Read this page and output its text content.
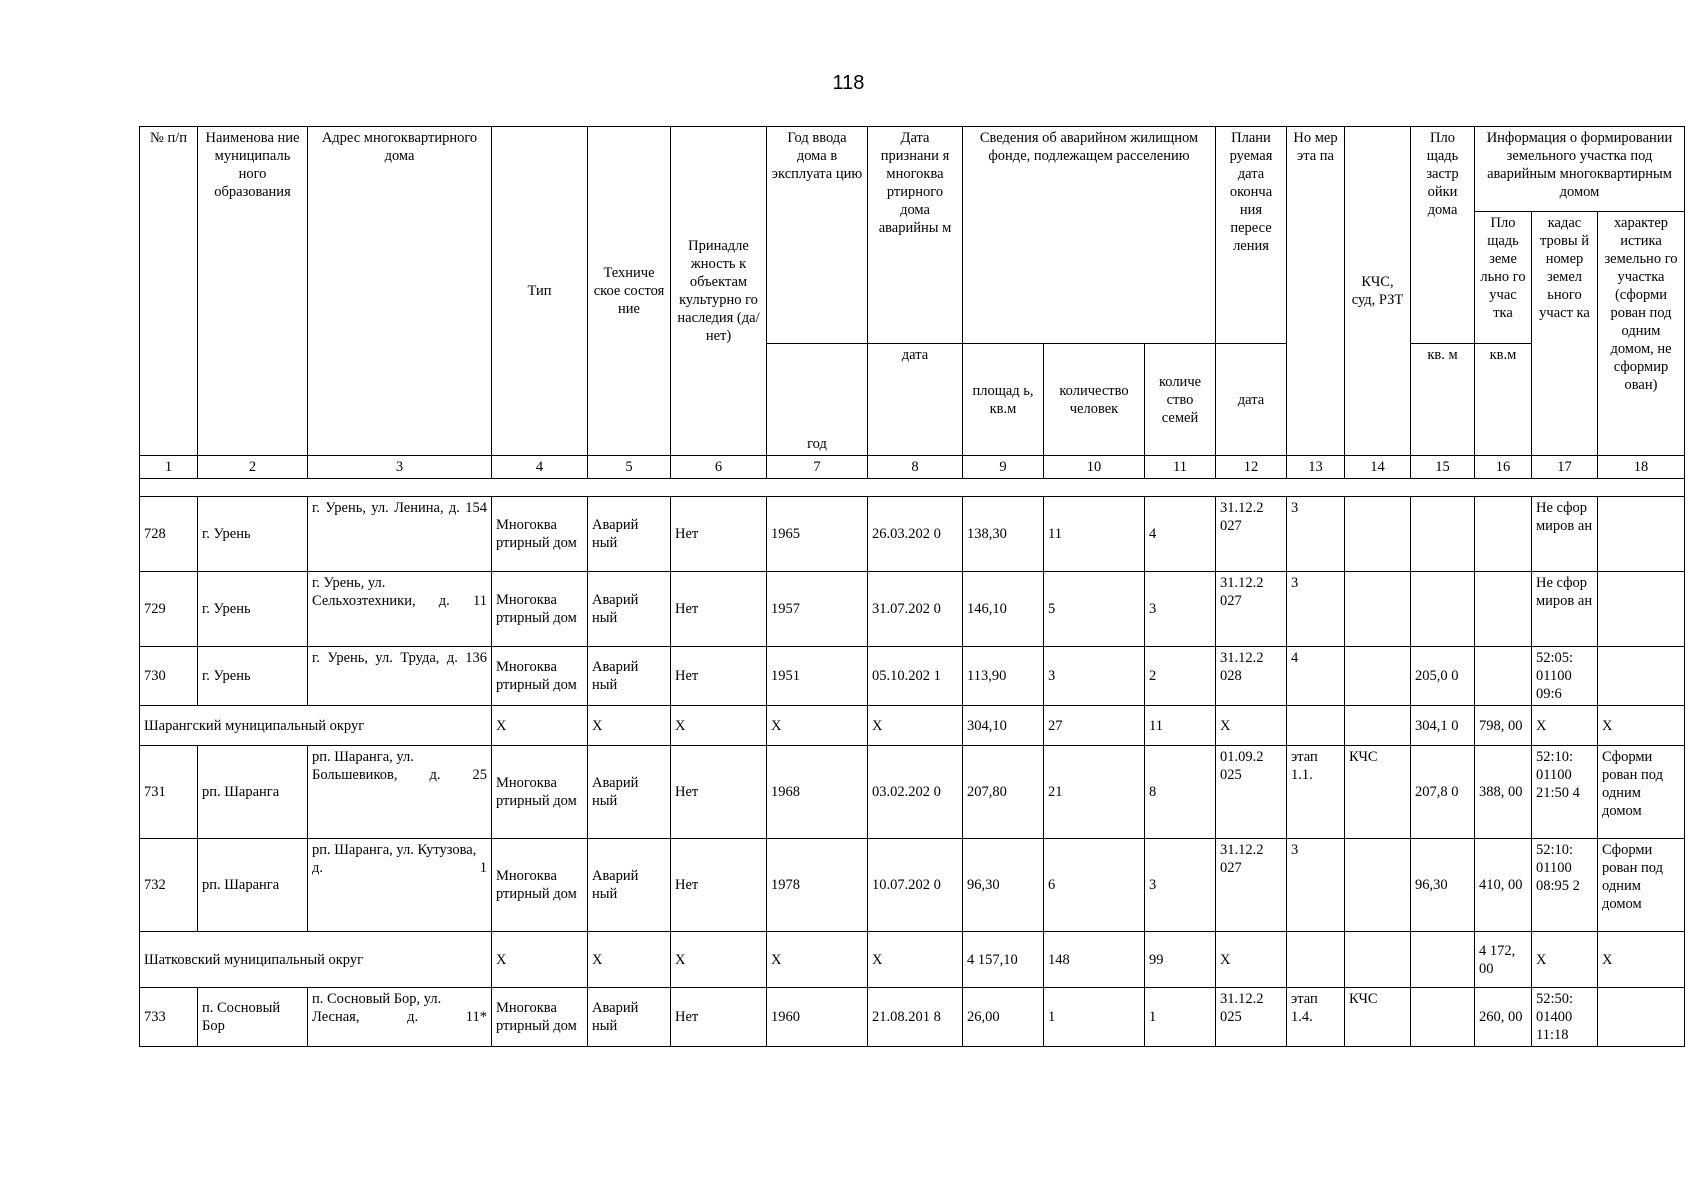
118
№ п/п	Наименова ние муниципаль ного образования	Адрес многоквартирного дома	Тип	Техниче ское состоя ние	Принадле жность к объектам культурно го наследия (да/нет)	Год ввода дома в эксплуата цию	Дата признани я многоква ртирного дома аварийны м	Сведения об аварийном жилищном фонде, подлежащем расселению			Плани руемая дата оконча ния пересе ления	Но мер эта па	КЧС, суд, РЗТ	Пло щадь застр ойки дома	Информация о формировании земельного участка под аварийным многоквартирным домом		
															Пло щадь земе льно го учас тка	кадас тровы й номер земел ьного участ ка	характер истика земельно го участка (сформи рован под одним домом, не сформир ован)
						год	дата	площад ь, кв.м	количество человек	количе ство семей	дата			кв. м	кв.м		
1	2	3	4	5	6	7	8	9	10	11	12	13	14	15	16	17	18

728	г. Урень	г. Урень, ул. Ленина, д. 154	Многоква ртирный дом	Аварий ный	Нет	1965	26.03.202 0	138,30	11	4	31.12.2 027	3				Не сфор миров ан	
729	г. Урень	г. Урень, ул. Сельхозтехники, д. 11	Многоква ртирный дом	Аварий ный	Нет	1957	31.07.202 0	146,10	5	3	31.12.2 027	3				Не сфор миров ан	
730	г. Урень	г. Урень, ул. Труда, д. 136	Многоква ртирный дом	Аварий ный	Нет	1951	05.10.202 1	113,90	3	2	31.12.2 028	4		205,0 0		52:05: 01100 09:6	
Шарангский муниципальный округ			X	X	X	X	X	304,10	27	11	X			304,1 0	798, 00	X	X
731	рп. Шаранга	рп. Шаранга, ул. Большевиков, д. 25	Многоква ртирный дом	Аварий ный	Нет	1968	03.02.202 0	207,80	21	8	01.09.2 025	этап 1.1.	КЧС	207,8 0	388, 00	52:10: 01100 21:50 4	Сформи рован под одним домом
732	рп. Шаранга	рп. Шаранга, ул. Кутузова, д. 1	Многоква ртирный дом	Аварий ный	Нет	1978	10.07.202 0	96,30	6	3	31.12.2 027	3		96,30	410, 00	52:10: 01100 08:95 2	Сформи рован под одним домом
Шатковский муниципальный округ			X	X	X	X	X	4 157,10	148	99	X				4 172, 00	X	X
733	п. Сосновый Бор	п. Сосновый Бор, ул. Лесная, д. 11*	Многоква ртирный дом	Аварий ный	Нет	1960	21.08.201 8	26,00	1	1	31.12.2 025	этап 1.4.	КЧС		260, 00	52:50: 01400 11:18	
